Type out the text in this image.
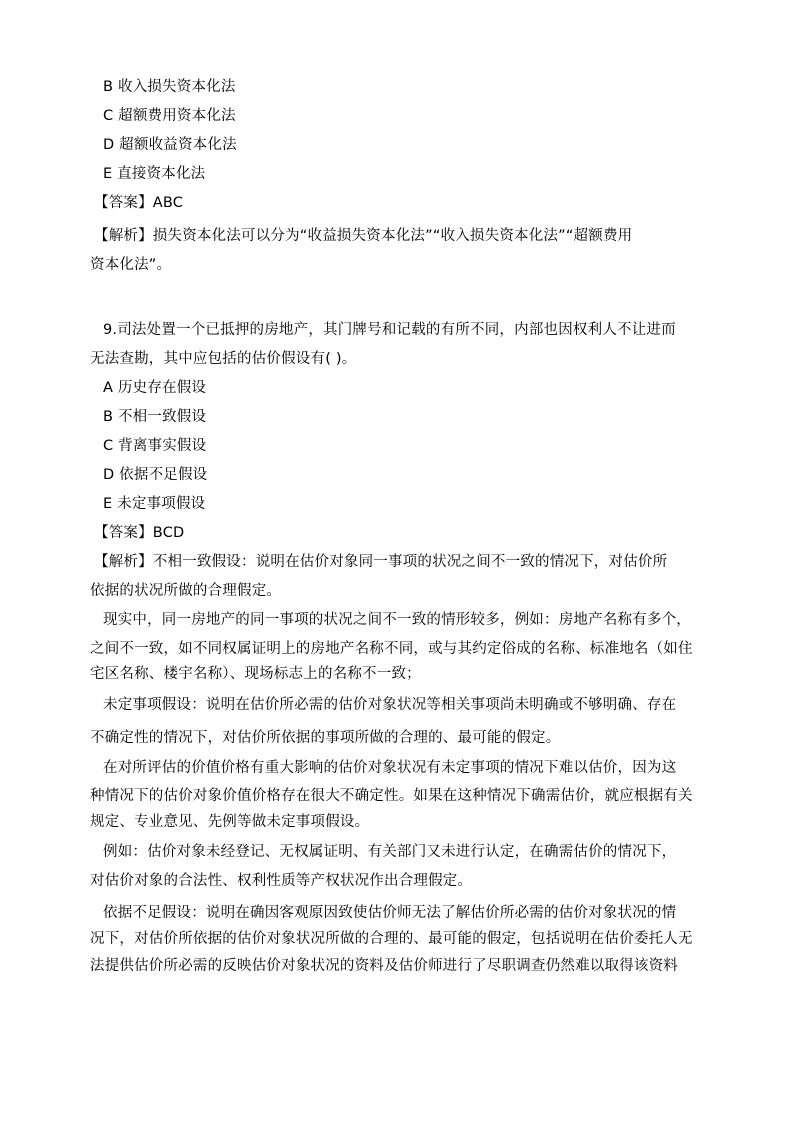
B 收入损失资本化法
C 超额费用资本化法
D 超额收益资本化法
E 直接资本化法
【答案】ABC
【解析】损失资本化法可以分为“收益损失资本化法”“收入损失资本化法”“超额费用
资本化法”。
9.司法处置一个已抵押的房地产，其门牌号和记载的有所不同，内部也因权利人不让进而
无法查勘，其中应包括的估价假设有( )。
A 历史存在假设
B 不相一致假设
C 背离事实假设
D 依据不足假设
E 未定事项假设
【答案】BCD
【解析】不相一致假设：说明在估价对象同一事项的状况之间不一致的情况下，对估价所
依据的状况所做的合理假定。
现实中，同一房地产的同一事项的状况之间不一致的情形较多，例如：房地产名称有多个，
之间不一致，如不同权属证明上的房地产名称不同，或与其约定俗成的名称、标准地名（如住
宅区名称、楼宇名称）、现场标志上的名称不一致；
未定事项假设：说明在估价所必需的估价对象状况等相关事项尚未明确或不够明确、存在
不确定性的情况下，对估价所依据的事项所做的合理的、最可能的假定。
在对所评估的价值价格有重大影响的估价对象状况有未定事项的情况下难以估价，因为这
种情况下的估价对象价值价格存在很大不确定性。如果在这种情况下确需估价，就应根据有关
规定、专业意见、先例等做未定事项假设。
例如：估价对象未经登记、无权属证明、有关部门又未进行认定，在确需估价的情况下，
对估价对象的合法性、权利性质等产权状况作出合理假定。
依据不足假设：说明在确因客观原因致使估价师无法了解估价所必需的估价对象状况的情
况下，对估价所依据的估价对象状况所做的合理的、最可能的假定，包括说明在估价委托人无
法提供估价所必需的反映估价对象状况的资料及估价师进行了尽职调查仍然难以取得该资料
